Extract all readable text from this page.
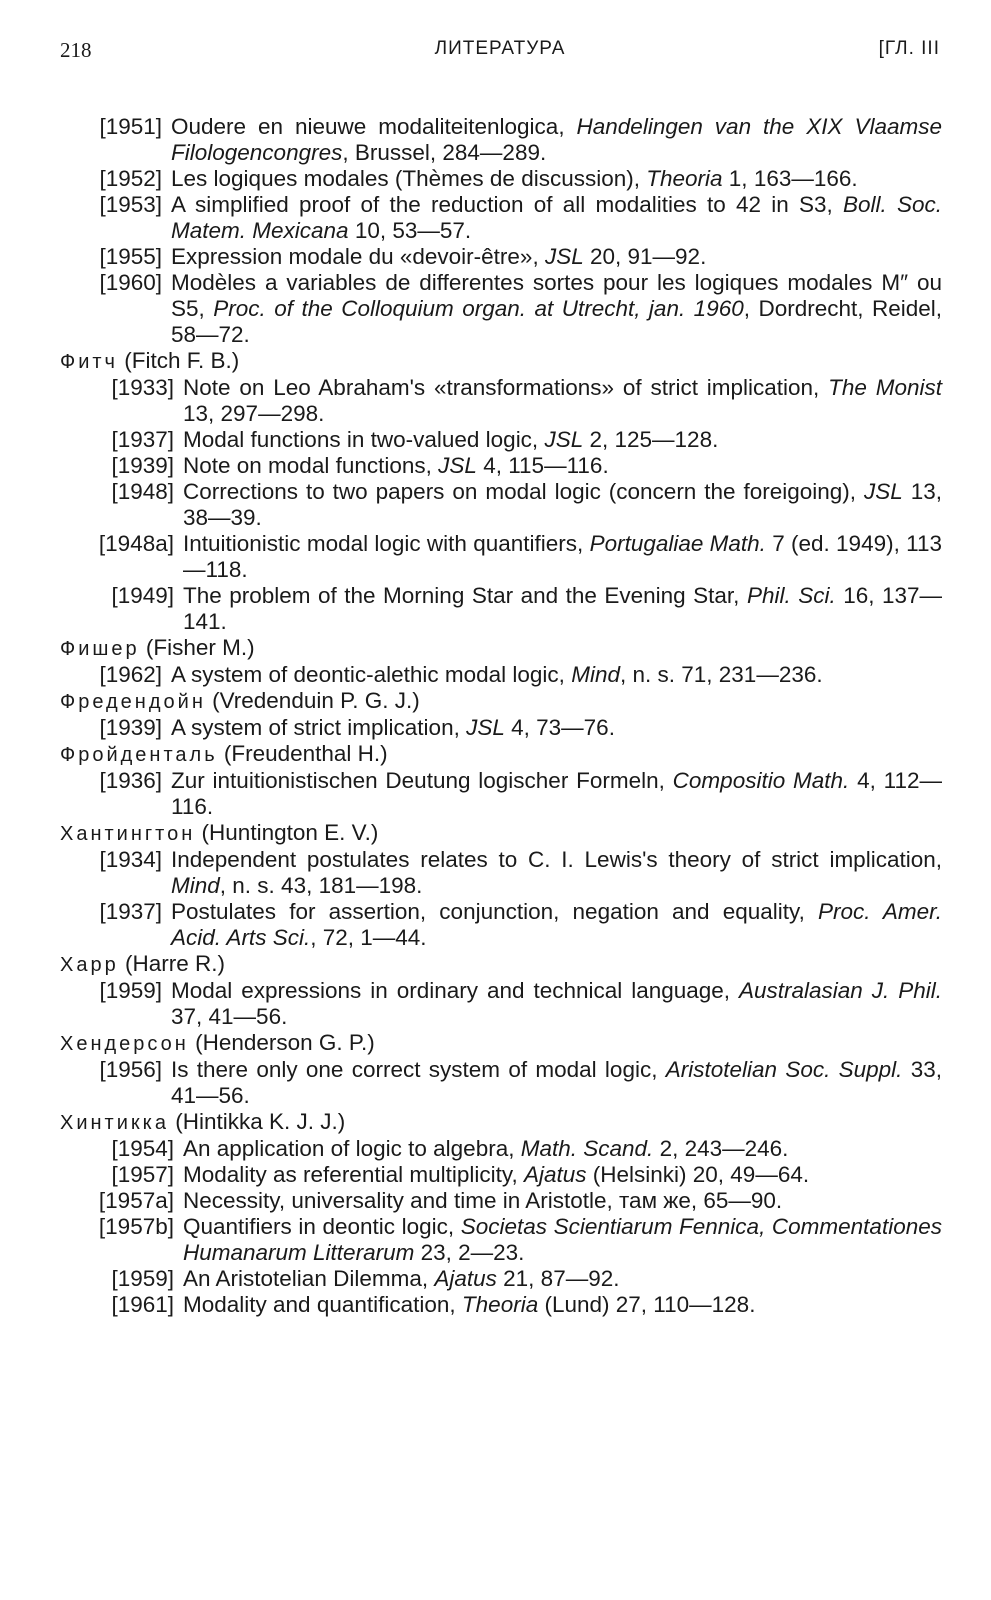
218	ЛИТЕРАТУРА	[ГЛ. III
[1951] Oudere en nieuwe modaliteitenlogica, Handelingen van the XIX Vlaamse Filologencongres, Brussel, 284—289.
[1952] Les logiques modales (Thèmes de discussion), Theoria 1, 163—166.
[1953] A simplified proof of the reduction of all modalities to 42 in S3, Boll. Soc. Matem. Mexicana 10, 53—57.
[1955] Expression modale du «devoir-être», JSL 20, 91—92.
[1960] Modèles a variables de differentes sortes pour les logiques modales M″ ou S5, Proc. of the Colloquium organ. at Utrecht, jan. 1960, Dordrecht, Reidel, 58—72.
Фитч (Fitch F. B.)
[1933] Note on Leo Abraham's «transformations» of strict implication, The Monist 13, 297—298.
[1937] Modal functions in two-valued logic, JSL 2, 125—128.
[1939] Note on modal functions, JSL 4, 115—116.
[1948] Corrections to two papers on modal logic (concern the foreigoing), JSL 13, 38—39.
[1948a] Intuitionistic modal logic with quantifiers, Portugaliae Math. 7 (ed. 1949), 113—118.
[1949] The problem of the Morning Star and the Evening Star, Phil. Sci. 16, 137—141.
Фишер (Fisher M.)
[1962] A system of deontic-alethic modal logic, Mind, n. s. 71, 231—236.
Фредендойн (Vredenduin P. G. J.)
[1939] A system of strict implication, JSL 4, 73—76.
Фройденталь (Freudenthal H.)
[1936] Zur intuitionistischen Deutung logischer Formeln, Compositio Math. 4, 112—116.
Хантингтон (Huntington E. V.)
[1934] Independent postulates relates to C. I. Lewis's theory of strict implication, Mind, n. s. 43, 181—198.
[1937] Postulates for assertion, conjunction, negation and equality, Proc. Amer. Acid. Arts Sci., 72, 1—44.
Харр (Harre R.)
[1959] Modal expressions in ordinary and technical language, Australasian J. Phil. 37, 41—56.
Хендерсон (Henderson G. P.)
[1956] Is there only one correct system of modal logic, Aristotelian Soc. Suppl. 33, 41—56.
Хинтикка (Hintikka K. J. J.)
[1954] An application of logic to algebra, Math. Scand. 2, 243—246.
[1957] Modality as referential multiplicity, Ajatus (Helsinki) 20, 49—64.
[1957a] Necessity, universality and time in Aristotle, там же, 65—90.
[1957b] Quantifiers in deontic logic, Societas Scientiarum Fennica, Commentationes Humanarum Litterarum 23, 2—23.
[1959] An Aristotelian Dilemma, Ajatus 21, 87—92.
[1961] Modality and quantification, Theoria (Lund) 27, 110—128.
